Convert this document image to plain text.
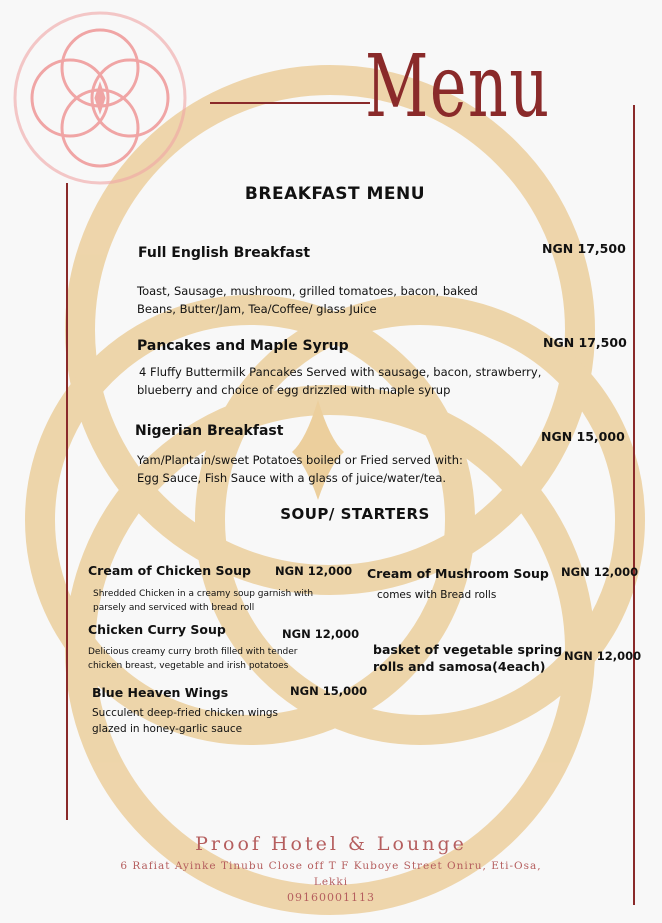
Menu
BREAKFAST MENU
Full English Breakfast	NGN 17,500
Toast, Sausage, mushroom, grilled tomatoes, bacon, baked
Beans, Butter/Jam, Tea/Coffee/ glass Juice
Pancakes and Maple Syrup	NGN 17,500
4 Fluffy Buttermilk Pancakes Served with sausage, bacon, strawberry,
blueberry and choice of egg drizzled with maple syrup
Nigerian Breakfast	NGN 15,000
Yam/Plantain/sweet Potatoes boiled or Fried served with:
Egg Sauce, Fish Sauce with a glass of juice/water/tea.
SOUP/ STARTERS
Cream of Chicken Soup NGN 12,000
Shredded Chicken in a creamy soup garnish with
parsely and serviced with bread roll
Chicken Curry Soup	NGN 12,000
Delicious creamy curry broth filled with tender
chicken breast, vegetable and irish potatoes
Blue Heaven Wings	NGN 15,000
Succulent deep-fried chicken wings
glazed in honey-garlic sauce
Cream of Mushroom Soup NGN 12,000
comes with Bread rolls
basket of vegetable spring
rolls and samosa(4each)
NGN 12,000
Proof Hotel & Lounge
6 Rafiat Ayinke Tinubu Close off T F Kuboye Street Oniru, Eti-Osa,
Lekki
09160001113
